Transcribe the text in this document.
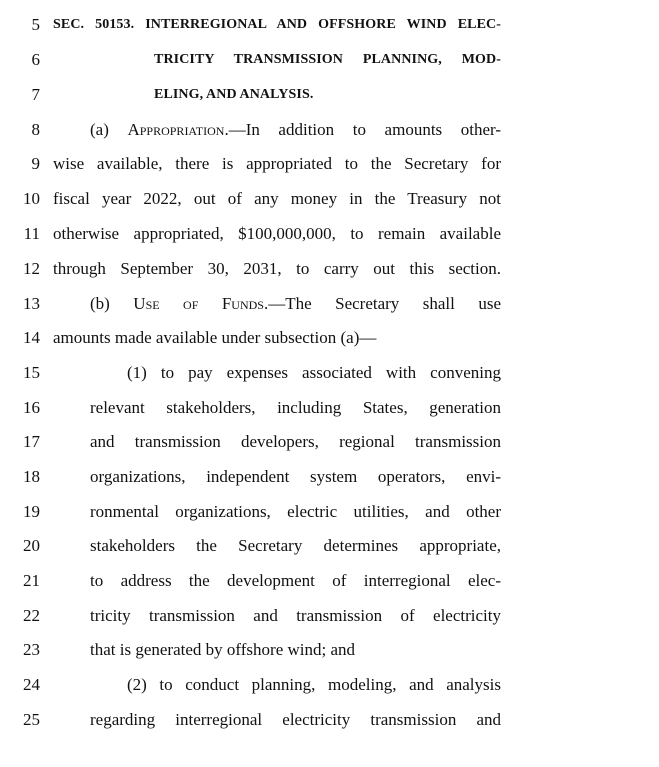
5 SEC. 50153. INTERREGIONAL AND OFFSHORE WIND ELEC-
6	TRICITY TRANSMISSION PLANNING, MOD-
7	ELING, AND ANALYSIS.
8	(a) Appropriation.—In addition to amounts other-
9 wise available, there is appropriated to the Secretary for
10 fiscal year 2022, out of any money in the Treasury not
11 otherwise appropriated, $100,000,000, to remain available
12 through September 30, 2031, to carry out this section.
13	(b) Use of Funds.—The Secretary shall use
14 amounts made available under subsection (a)—
15	(1) to pay expenses associated with convening
16	relevant stakeholders, including States, generation
17	and transmission developers, regional transmission
18	organizations, independent system operators, envi-
19	ronmental organizations, electric utilities, and other
20	stakeholders the Secretary determines appropriate,
21	to address the development of interregional elec-
22	tricity transmission and transmission of electricity
23	that is generated by offshore wind; and
24	(2) to conduct planning, modeling, and analysis
25	regarding interregional electricity transmission and
